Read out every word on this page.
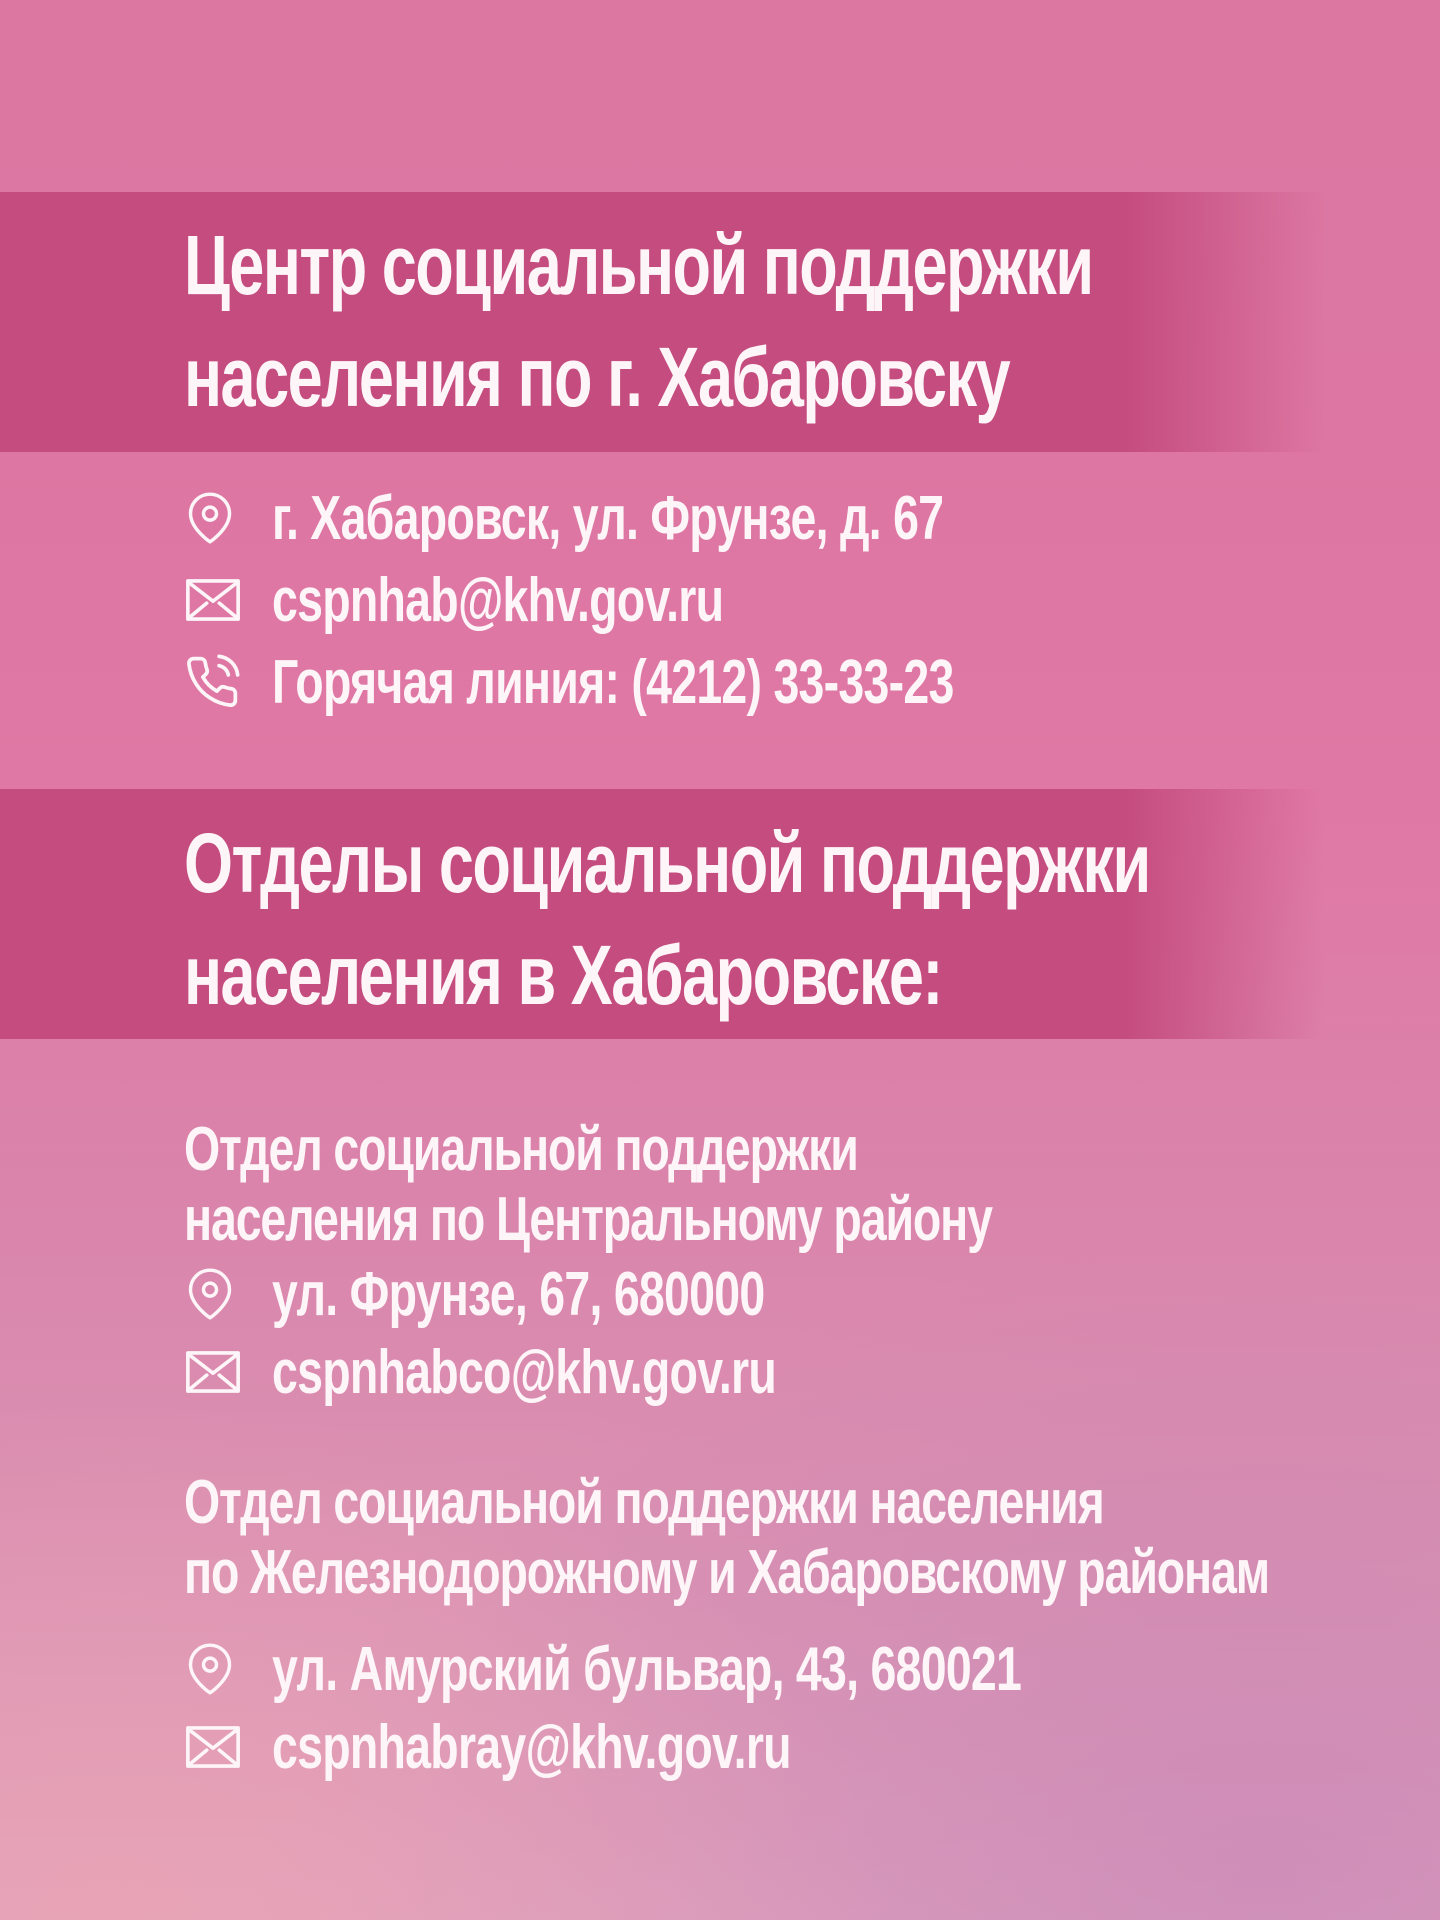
Центр социальной поддержки
населения по г. Хабаровску
г. Хабаровск, ул. Фрунзе, д. 67
cspnhab@khv.gov.ru
Горячая линия: (4212) 33-33-23
Отделы социальной поддержки
населения в Хабаровске:
Отдел социальной поддержки
населения по Центральному району
ул. Фрунзе, 67, 680000
cspnhabco@khv.gov.ru
Отдел социальной поддержки населения
по Железнодорожному и Хабаровскому районам
ул. Амурский бульвар, 43, 680021
cspnhabray@khv.gov.ru
